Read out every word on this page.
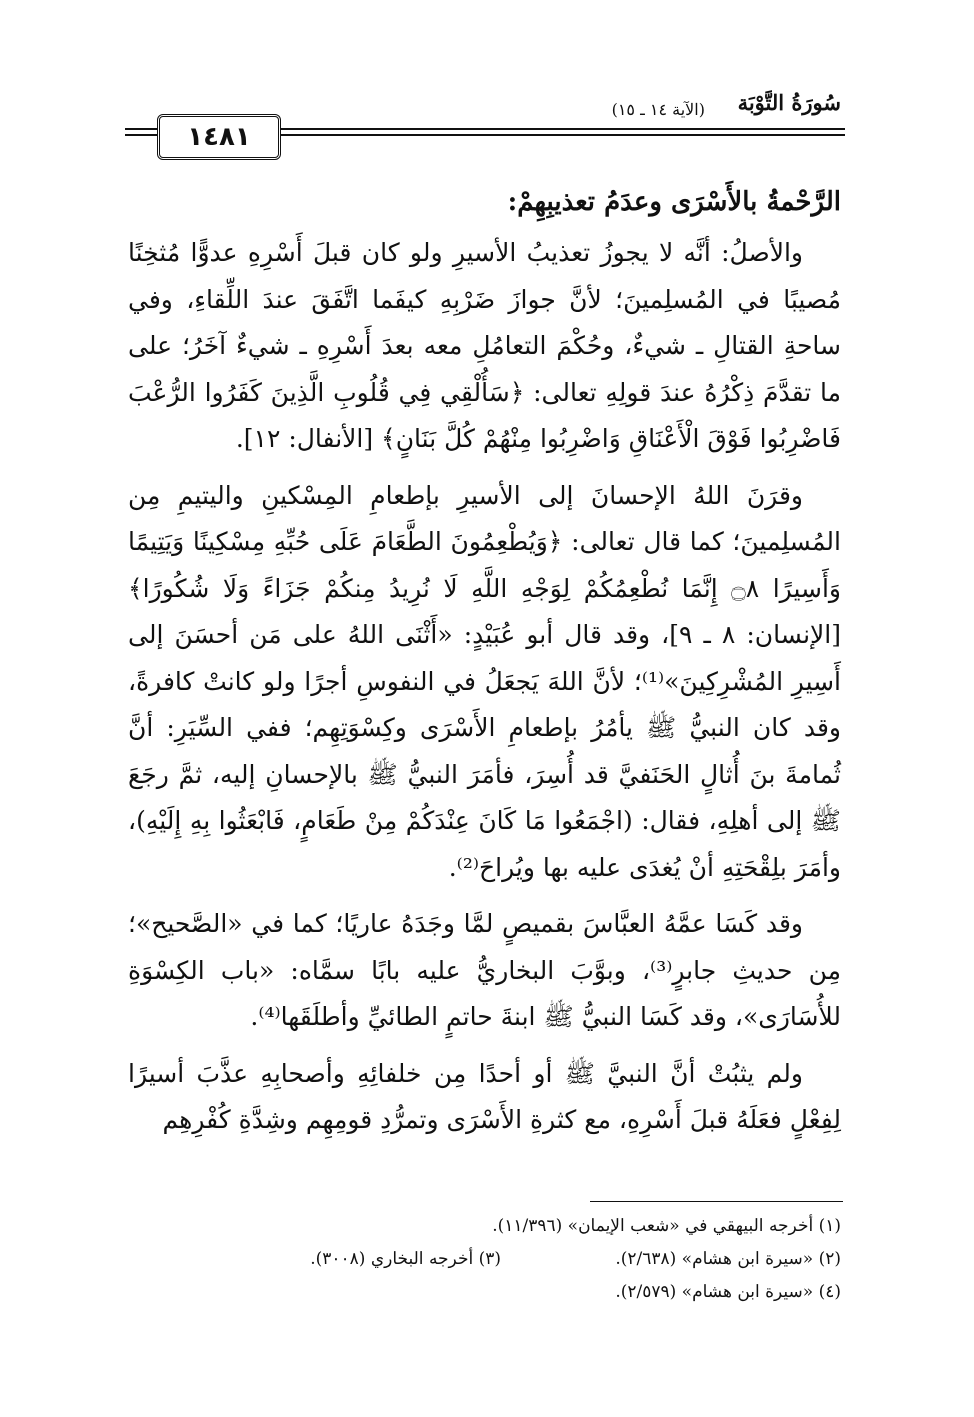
١٤٨١
سُورَةُ التَّوْبَة
(الآية ١٤ ـ ١٥)
الرَّحْمةُ بالأَسْرَى وعدَمُ تعذيبِهِمْ:

والأصلُ: أنَّه لا يجوزُ تعذيبُ الأسيرِ ولو كان قبلَ أَسْرِهِ عدوًّا مُثخِنًا مُصيبًا في المُسلِمينَ؛ لأنَّ جوازَ ضَرْبِهِ كيفَما اتَّفَقَ عندَ اللِّقاءِ، وفي ساحةِ القتالِ ـ شيءٌ، وحُكْمَ التعامُلِ معه بعدَ أَسْرِهِ ـ شيءٌ آخَرُ؛ على ما تقدَّمَ ذِكْرُهُ عندَ قولِهِ تعالى: ﴿سَأُلْقِي فِي قُلُوبِ الَّذِينَ كَفَرُوا الرُّعْبَ فَاضْرِبُوا فَوْقَ الْأَعْنَاقِ وَاضْرِبُوا مِنْهُمْ كُلَّ بَنَانٍ﴾ [الأنفال: ١٢].

وقرَنَ اللهُ الإحسانَ إلى الأسيرِ بإطعامِ المِسْكينِ واليتيمِ مِن المُسلِمينَ؛ كما قال تعالى: ﴿وَيُطْعِمُونَ الطَّعَامَ عَلَى حُبِّهِ مِسْكِينًا وَيَتِيمًا وَأَسِيرًا ۝٨ إِنَّمَا نُطْعِمُكُمْ لِوَجْهِ اللَّهِ لَا نُرِيدُ مِنكُمْ جَزَاءً وَلَا شُكُورًا﴾ [الإنسان: ٨ ـ ٩]، وقد قال أبو عُبَيْدٍ: «أَثْنَى اللهُ على مَن أحسَنَ إلى أَسِيرِ المُشْرِكِينَ»⁽¹⁾؛ لأنَّ اللهَ يَجعَلُ في النفوسِ أجرًا ولو كانتْ كافرةً، وقد كان النبيُّ ﷺ يأمُرُ بإطعامِ الأَسْرَى وكِسْوَتِهِم؛ ففي السِّيَرِ: أنَّ ثُمامةَ بنَ أُثالٍ الحَنَفيَّ قد أُسِرَ، فأمَرَ النبيُّ ﷺ بالإحسانِ إليه، ثمَّ رجَعَ ﷺ إلى أهلِهِ، فقال: (اجْمَعُوا مَا كَانَ عِنْدَكُمْ مِنْ طَعَامٍ، فَابْعَثُوا بِهِ إِلَيْهِ)، وأمَرَ بلِقْحَتِهِ أنْ يُغدَى عليه بها ويُراحَ⁽²⁾.

وقد كَسَا عمَّهُ العبَّاسَ بقميصٍ لمَّا وجَدَهُ عاريًا؛ كما في «الصَّحيح»؛ مِن حديثِ جابرٍ⁽³⁾، وبوَّبَ البخاريُّ عليه بابًا سمَّاه: «باب الكِسْوَةِ للأُسَارَى»، وقد كَسَا النبيُّ ﷺ ابنةَ حاتمٍ الطائيِّ وأطلَقَها⁽⁴⁾.

ولم يثبُتْ أنَّ النبيَّ ﷺ أو أحدًا مِن خلفائِهِ وأصحابِهِ عذَّبَ أسيرًا لِفِعْلٍ فعَلَهُ قبلَ أَسْرِهِ، مع كثرةِ الأَسْرَى وتمرُّدِ قومِهِم وشِدَّةِ كُفْرِهِم

(١) أخرجه البيهقي في «شعب الإيمان» (١١/٣٩٦).
(٢) «سيرة ابن هشام» (٢/٦٣٨).
(٣) أخرجه البخاري (٣٠٠٨).
(٤) «سيرة ابن هشام» (٢/٥٧٩).
